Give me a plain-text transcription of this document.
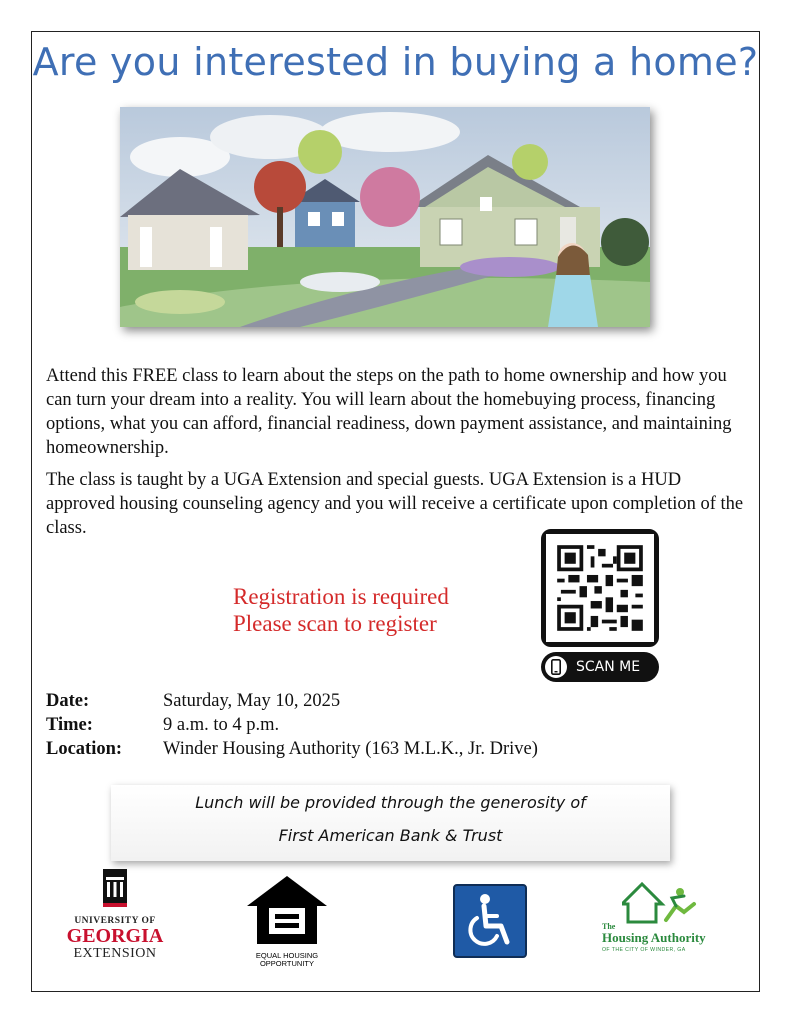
Are you interested in buying a home?

Attend this FREE class to learn about the steps on the path to home ownership and how you can turn your dream into a reality. You will learn about the homebuying process, financing options, what you can afford, financial readiness, down payment assistance, and maintaining homeownership.

The class is taught by a UGA Extension and special guests. UGA Extension is a HUD approved housing counseling agency and you will receive a certificate upon completion of the class.

Registration is required
Please scan to register
SCAN ME
Date:	Saturday, May 10, 2025
Time:	9 a.m. to 4 p.m.
Location:	Winder Housing Authority (163 M.L.K., Jr. Drive)
Lunch will be provided through the generosity of
First American Bank & Trust
UNIVERSITY OF
GEORGIA
EXTENSION	EQUAL HOUSING
OPPORTUNITY
The
Housing Authority
OF THE CITY OF WINDER, GA
